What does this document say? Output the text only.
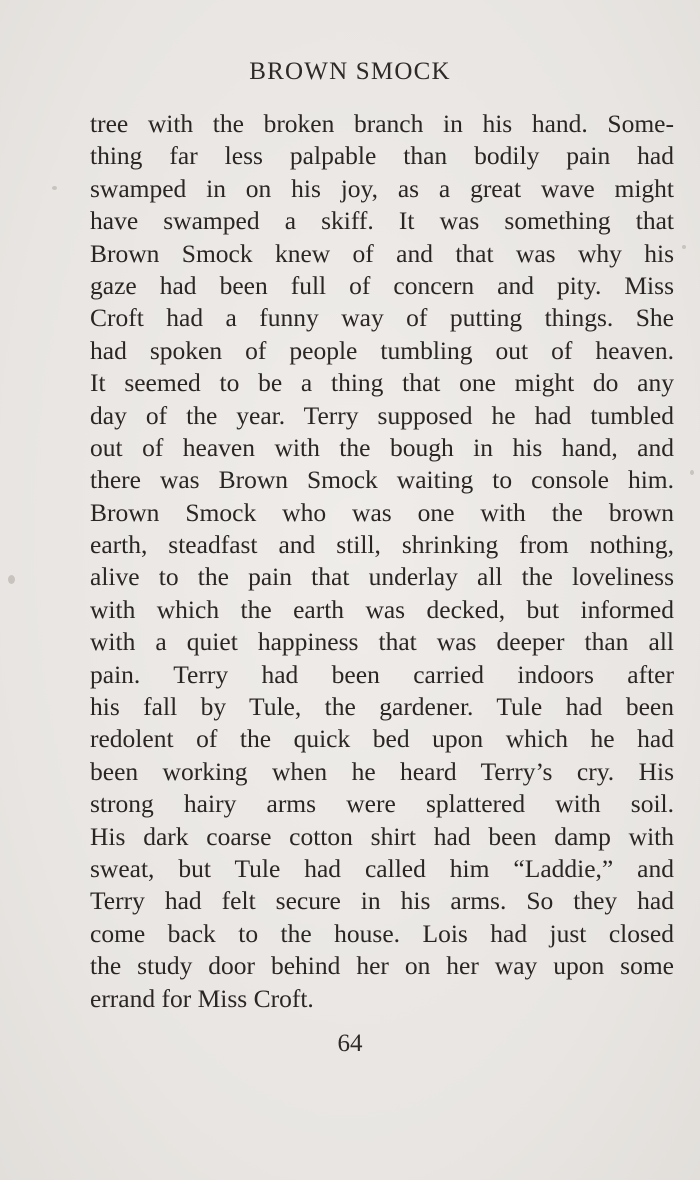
BROWN SMOCK
tree with the broken branch in his hand. Some-
thing far less palpable than bodily pain had
swamped in on his joy, as a great wave might
have swamped a skiff. It was something that
Brown Smock knew of and that was why his
gaze had been full of concern and pity. Miss
Croft had a funny way of putting things. She
had spoken of people tumbling out of heaven.
It seemed to be a thing that one might do any
day of the year. Terry supposed he had tumbled
out of heaven with the bough in his hand, and
there was Brown Smock waiting to console him.
Brown Smock who was one with the brown
earth, steadfast and still, shrinking from nothing,
alive to the pain that underlay all the loveliness
with which the earth was decked, but informed
with a quiet happiness that was deeper than all
pain. Terry had been carried indoors after
his fall by Tule, the gardener. Tule had been
redolent of the quick bed upon which he had
been working when he heard Terry’s cry. His
strong hairy arms were splattered with soil.
His dark coarse cotton shirt had been damp with
sweat, but Tule had called him “Laddie,” and
Terry had felt secure in his arms. So they had
come back to the house. Lois had just closed
the study door behind her on her way upon some
errand for Miss Croft.
64
